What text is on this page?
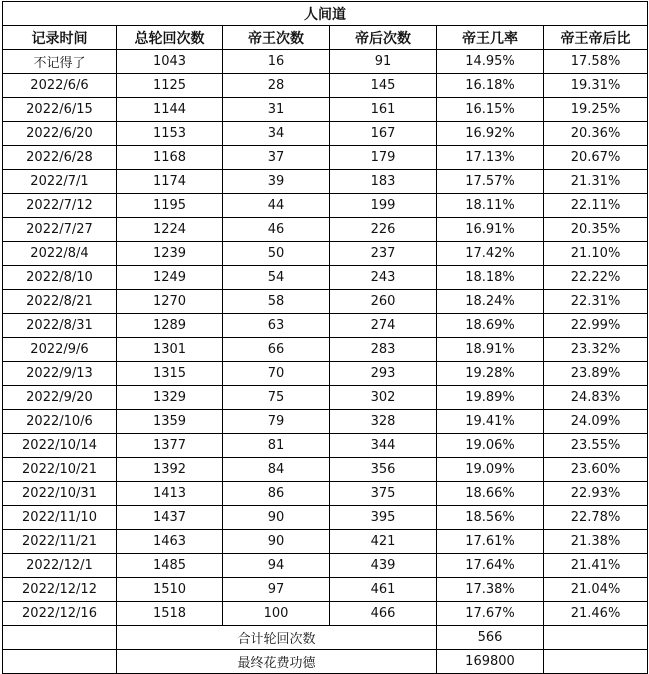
人间道					
记录时间	总轮回次数	帝王次数	帝后次数	帝王几率	帝王帝后比
不记得了	1043	16	91	14.95%	17.58%
2022/6/6	1125	28	145	16.18%	19.31%
2022/6/15	1144	31	161	16.15%	19.25%
2022/6/20	1153	34	167	16.92%	20.36%
2022/6/28	1168	37	179	17.13%	20.67%
2022/7/1	1174	39	183	17.57%	21.31%
2022/7/12	1195	44	199	18.11%	22.11%
2022/7/27	1224	46	226	16.91%	20.35%
2022/8/4	1239	50	237	17.42%	21.10%
2022/8/10	1249	54	243	18.18%	22.22%
2022/8/21	1270	58	260	18.24%	22.31%
2022/8/31	1289	63	274	18.69%	22.99%
2022/9/6	1301	66	283	18.91%	23.32%
2022/9/13	1315	70	293	19.28%	23.89%
2022/9/20	1329	75	302	19.89%	24.83%
2022/10/6	1359	79	328	19.41%	24.09%
2022/10/14	1377	81	344	19.06%	23.55%
2022/10/21	1392	84	356	19.09%	23.60%
2022/10/31	1413	86	375	18.66%	22.93%
2022/11/10	1437	90	395	18.56%	22.78%
2022/11/21	1463	90	421	17.61%	21.38%
2022/12/1	1485	94	439	17.64%	21.41%
2022/12/12	1510	97	461	17.38%	21.04%
2022/12/16	1518	100	466	17.67%	21.46%
	合计轮回次数			566	
	最终花费功德			169800	
